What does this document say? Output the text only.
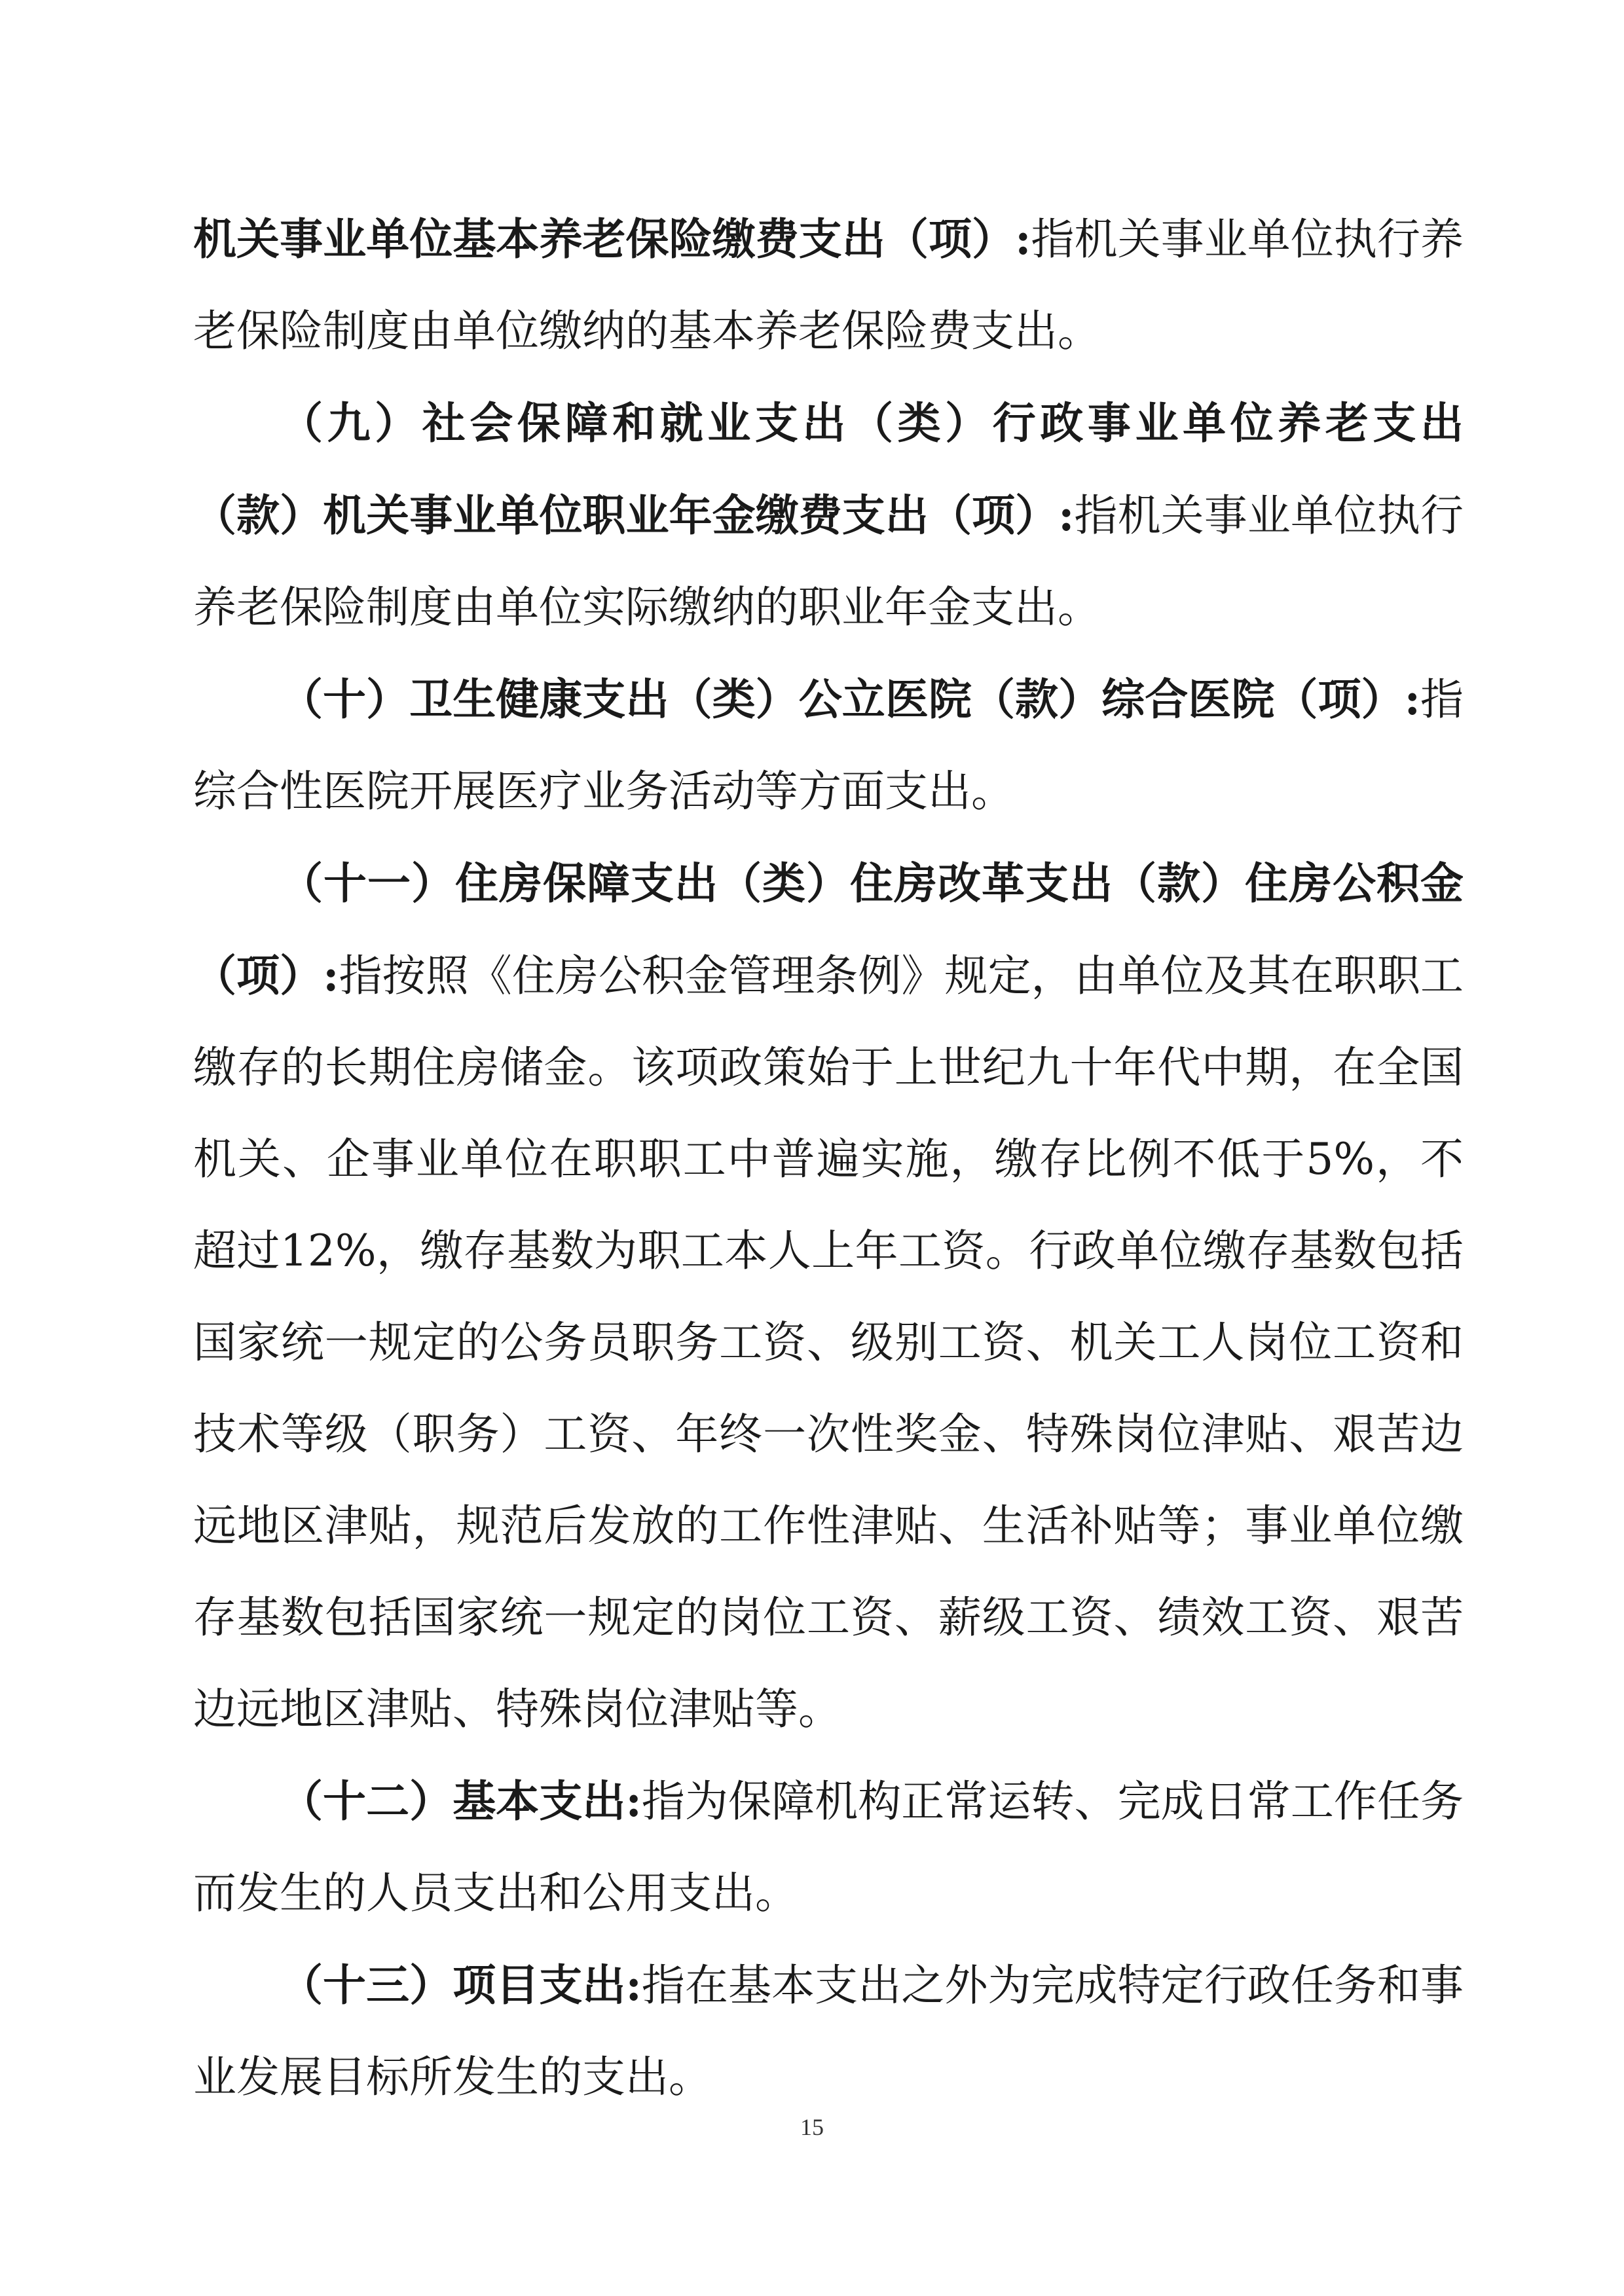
机关事业单位基本养老保险缴费支出（项）:指机关事业单位执行养老保险制度由单位缴纳的基本养老保险费支出。

（九）社会保障和就业支出（类）行政事业单位养老支出（款）机关事业单位职业年金缴费支出（项）:指机关事业单位执行养老保险制度由单位实际缴纳的职业年金支出。

（十）卫生健康支出（类）公立医院（款）综合医院（项）:指综合性医院开展医疗业务活动等方面支出。

（十一）住房保障支出（类）住房改革支出（款）住房公积金（项）:指按照《住房公积金管理条例》规定，由单位及其在职职工缴存的长期住房储金。该项政策始于上世纪九十年代中期，在全国机关、企事业单位在职职工中普遍实施，缴存比例不低于5%，不超过12%，缴存基数为职工本人上年工资。行政单位缴存基数包括国家统一规定的公务员职务工资、级别工资、机关工人岗位工资和技术等级（职务）工资、年终一次性奖金、特殊岗位津贴、艰苦边远地区津贴，规范后发放的工作性津贴、生活补贴等；事业单位缴存基数包括国家统一规定的岗位工资、薪级工资、绩效工资、艰苦边远地区津贴、特殊岗位津贴等。

（十二）基本支出:指为保障机构正常运转、完成日常工作任务而发生的人员支出和公用支出。

（十三）项目支出:指在基本支出之外为完成特定行政任务和事业发展目标所发生的支出。

15
